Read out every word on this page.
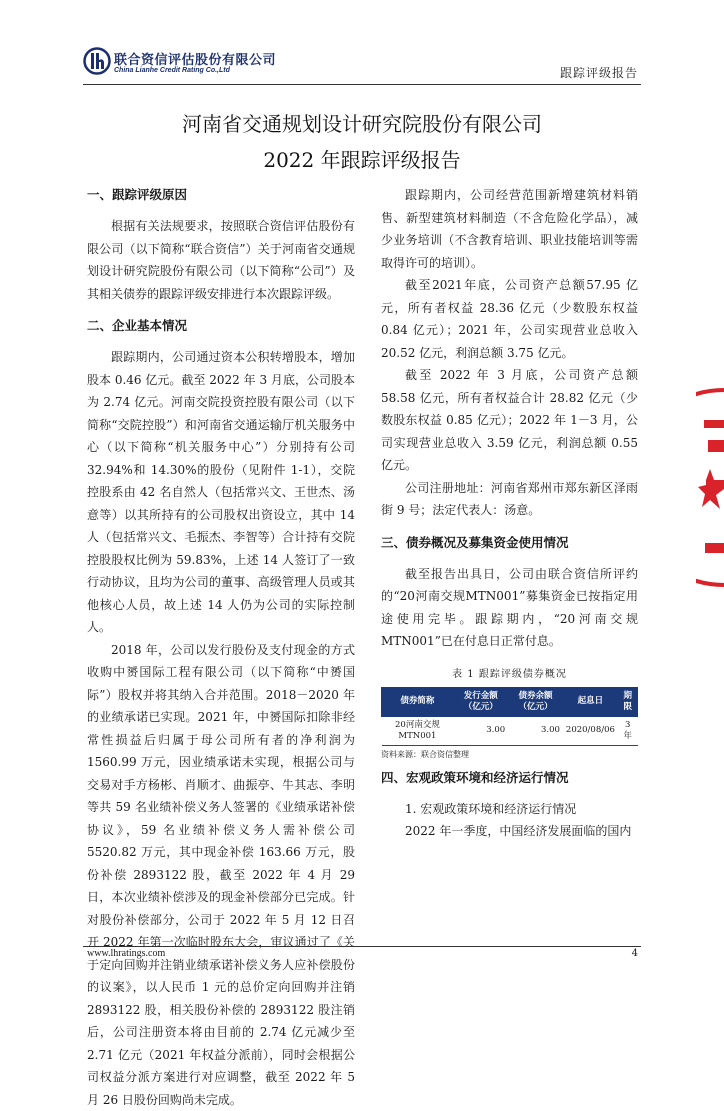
联合资信评估股份有限公司
China Lianhe Credit Rating Co.,Ltd	跟踪评级报告
河南省交通规划设计研究院股份有限公司
2022 年跟踪评级报告
一、跟踪评级原因

根据有关法规要求，按照联合资信评估股份有限公司（以下简称“联合资信”）关于河南省交通规划设计研究院股份有限公司（以下简称“公司”）及其相关债券的跟踪评级安排进行本次跟踪评级。

二、企业基本情况

跟踪期内，公司通过资本公积转增股本，增加股本 0.46 亿元。截至 2022 年 3 月底，公司股本为 2.74 亿元。河南交院投资控股有限公司（以下简称“交院控股”）和河南省交通运输厅机关服务中心（以下简称“机关服务中心”）分别持有公司 32.94%和 14.30%的股份（见附件 1-1），交院控股系由 42 名自然人（包括常兴文、王世杰、汤意等）以其所持有的公司股权出资设立，其中 14 人（包括常兴文、毛振杰、李智等）合计持有交院控股股权比例为 59.83%，上述 14 人签订了一致行动协议，且均为公司的董事、高级管理人员或其他核心人员，故上述 14 人仍为公司的实际控制人。

2018 年，公司以发行股份及支付现金的方式收购中赟国际工程有限公司（以下简称“中赟国际”）股权并将其纳入合并范围。2018－2020 年的业绩承诺已实现。2021 年，中赟国际扣除非经常性损益后归属于母公司所有者的净利润为 1560.99 万元，因业绩承诺未实现，根据公司与交易对手方杨彬、肖顺才、曲振亭、牛其志、李明等共 59 名业绩补偿义务人签署的《业绩承诺补偿协议》，59 名业绩补偿义务人需补偿公司 5520.82 万元，其中现金补偿 163.66 万元，股份补偿 2893122 股，截至 2022 年 4 月 29 日，本次业绩补偿涉及的现金补偿部分已完成。针对股份补偿部分，公司于 2022 年 5 月 12 日召开 2022 年第一次临时股东大会，审议通过了《关于定向回购并注销业绩承诺补偿义务人应补偿股份的议案》，以人民币 1 元的总价定向回购并注销 2893122 股，相关股份补偿的 2893122 股注销后，公司注册资本将由目前的 2.74 亿元减少至 2.71 亿元（2021 年权益分派前），同时会根据公司权益分派方案进行对应调整，截至 2022 年 5 月 26 日股份回购尚未完成。

跟踪期内，公司经营范围新增建筑材料销售、新型建筑材料制造（不含危险化学品），减少业务培训（不含教育培训、职业技能培训等需取得许可的培训）。

截至2021年底，公司资产总额57.95 亿元，所有者权益 28.36 亿元（少数股东权益 0.84 亿元）；2021 年，公司实现营业总收入 20.52 亿元，利润总额 3.75 亿元。

截至 2022 年 3 月底，公司资产总额 58.58 亿元，所有者权益合计 28.82 亿元（少数股东权益 0.85 亿元）；2022 年 1－3 月，公司实现营业总收入 3.59 亿元，利润总额 0.55 亿元。

公司注册地址：河南省郑州市郑东新区泽雨街 9 号；法定代表人：汤意。

三、债券概况及募集资金使用情况

截至报告出具日，公司由联合资信所评约的“20河南交规MTN001”募集资金已按指定用途使用完毕。跟踪期内，“20河南交规MTN001”已在付息日正常付息。

表 1 跟踪评级债券概况
债券简称	发行金额（亿元）	债券余额（亿元）	起息日	期限
20河南交规MTN001	3.00	3.00	2020/08/06	3 年
资料来源：联合资信整理
四、宏观政策环境和经济运行情况

1. 宏观政策环境和经济运行情况

2022 年一季度，中国经济发展面临的国内

www.lhratings.com	4
